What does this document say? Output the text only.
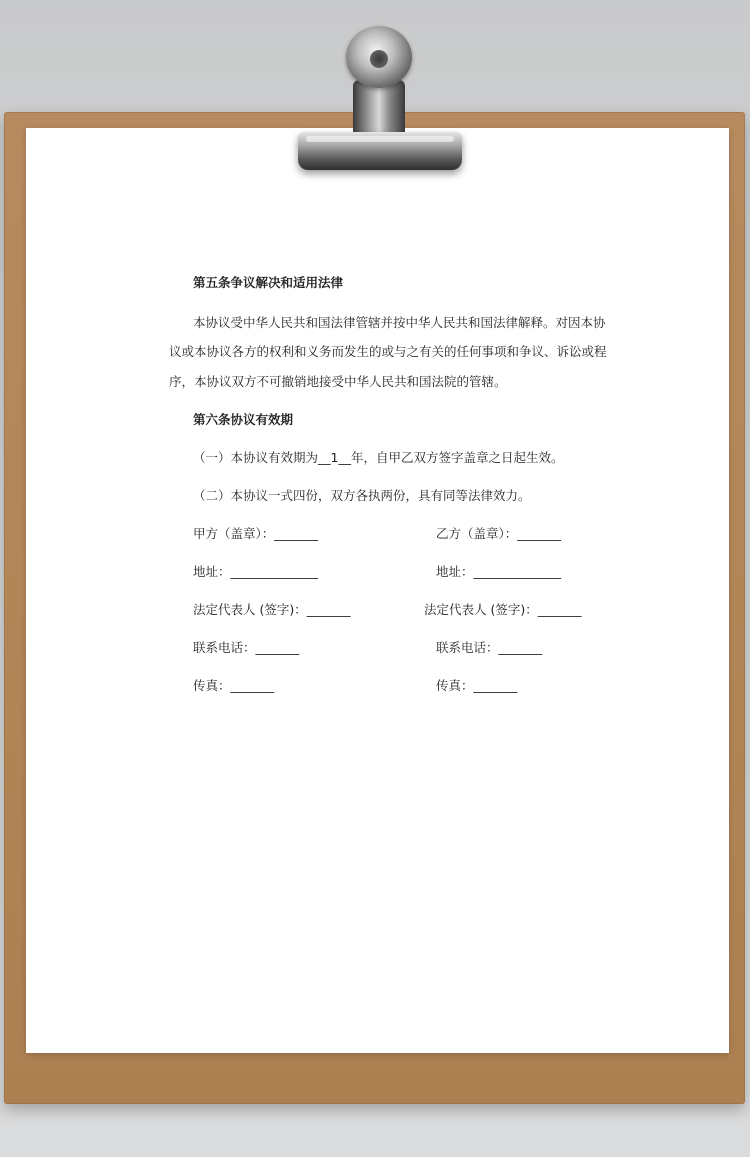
第五条争议解决和适用法律
本协议受中华人民共和国法律管辖并按中华人民共和国法律解释。对因本协
议或本协议各方的权利和义务而发生的或与之有关的任何事项和争议、诉讼或程
序，本协议双方不可撤销地接受中华人民共和国法院的管辖。
第六条协议有效期
（一）本协议有效期为__1__年，自甲乙双方签字盖章之日起生效。
（二）本协议一式四份，双方各执两份，具有同等法律效力。
甲方（盖章）：_______	乙方（盖章）：_______
地址：______________	地址：______________
法定代表人 (签字)：_______	法定代表人 (签字)：_______
联系电话：_______	联系电话：_______
传真：_______	传真：_______
